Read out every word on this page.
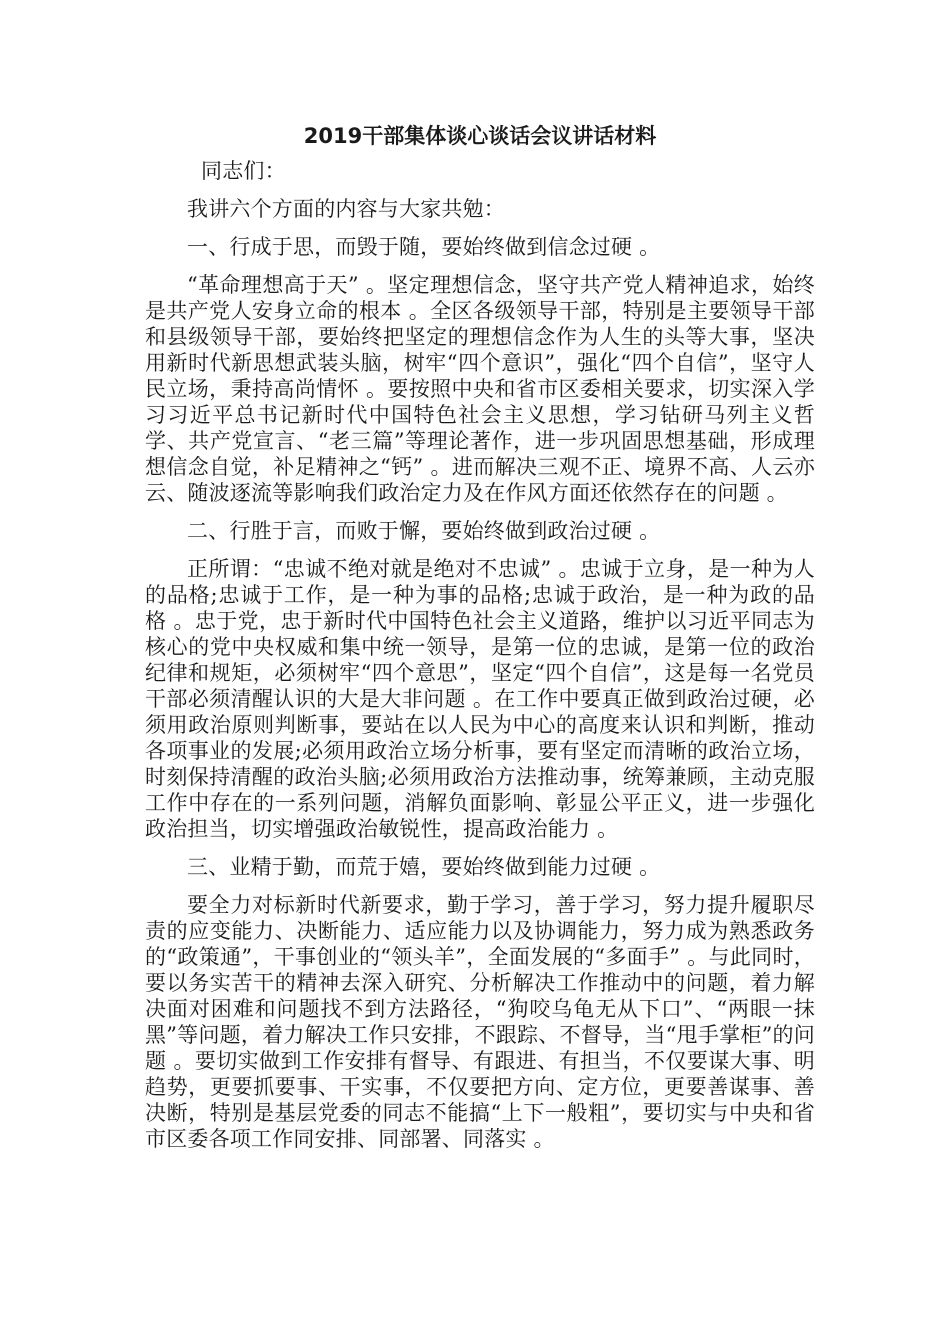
2019干部集体谈心谈话会议讲话材料

同志们：

我讲六个方面的内容与大家共勉：

一、行成于思，而毁于随，要始终做到信念过硬 。

“革命理想高于天” 。坚定理想信念，坚守共产党人精神追求，始终是共产党人安身立命的根本 。全区各级领导干部，特别是主要领导干部和县级领导干部，要始终把坚定的理想信念作为人生的头等大事，坚决用新时代新思想武装头脑，树牢“四个意识”，强化“四个自信”，坚守人民立场，秉持高尚情怀 。要按照中央和省市区委相关要求，切实深入学习习近平总书记新时代中国特色社会主义思想，学习钻研马列主义哲学、共产党宣言、“老三篇”等理论著作，进一步巩固思想基础，形成理想信念自觉，补足精神之“钙” 。进而解决三观不正、境界不高、人云亦云、随波逐流等影响我们政治定力及在作风方面还依然存在的问题 。

二、行胜于言，而败于懈，要始终做到政治过硬 。

正所谓：“忠诚不绝对就是绝对不忠诚” 。忠诚于立身，是一种为人的品格;忠诚于工作，是一种为事的品格;忠诚于政治，是一种为政的品格 。忠于党，忠于新时代中国特色社会主义道路，维护以习近平同志为核心的党中央权威和集中统一领导，是第一位的忠诚，是第一位的政治纪律和规矩，必须树牢“四个意思”，坚定“四个自信”，这是每一名党员干部必须清醒认识的大是大非问题 。在工作中要真正做到政治过硬，必须用政治原则判断事，要站在以人民为中心的高度来认识和判断，推动各项事业的发展;必须用政治立场分析事，要有坚定而清晰的政治立场，时刻保持清醒的政治头脑;必须用政治方法推动事，统筹兼顾，主动克服工作中存在的一系列问题，消解负面影响、彰显公平正义，进一步强化政治担当，切实增强政治敏锐性，提高政治能力 。

三、业精于勤，而荒于嬉，要始终做到能力过硬 。

要全力对标新时代新要求，勤于学习，善于学习，努力提升履职尽责的应变能力、决断能力、适应能力以及协调能力，努力成为熟悉政务的“政策通”，干事创业的“领头羊”，全面发展的“多面手” 。与此同时，要以务实苦干的精神去深入研究、分析解决工作推动中的问题，着力解决面对困难和问题找不到方法路径，“狗咬乌龟无从下口”、“两眼一抹黑”等问题，着力解决工作只安排，不跟踪、不督导，当“甩手掌柜”的问题 。要切实做到工作安排有督导、有跟进、有担当，不仅要谋大事、明趋势，更要抓要事、干实事，不仅要把方向、定方位，更要善谋事、善决断，特别是基层党委的同志不能搞“上下一般粗”，要切实与中央和省市区委各项工作同安排、同部署、同落实 。
